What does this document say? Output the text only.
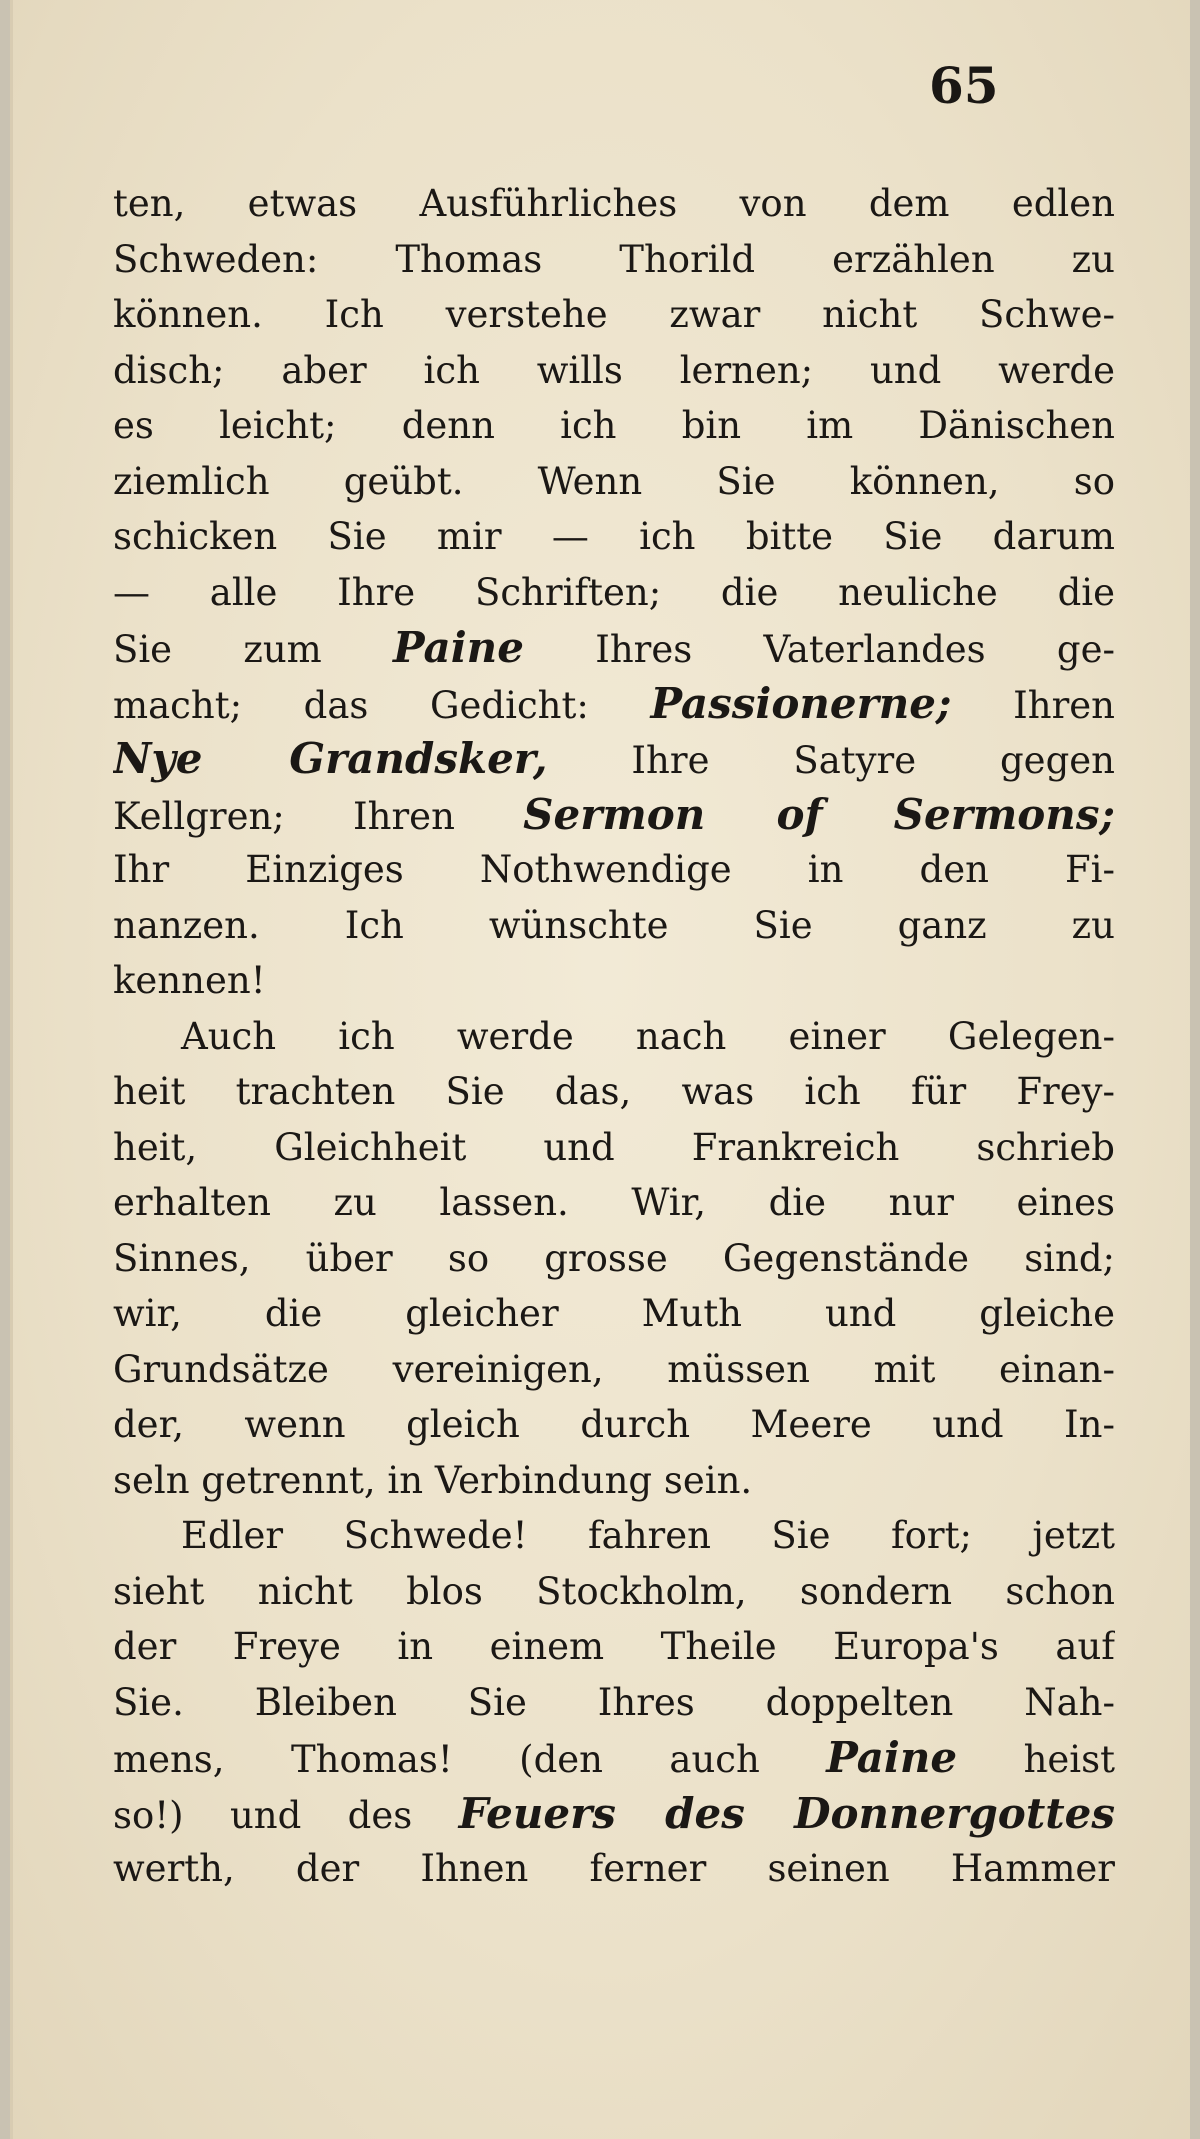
65
ten, etwas Ausführliches von dem edlen
Schweden: Thomas Thorild erzählen zu
können. Ich verstehe zwar nicht Schwe-
disch; aber ich wills lernen; und werde
es leicht; denn ich bin im Dänischen
ziemlich geübt. Wenn Sie können, so
schicken Sie mir — ich bitte Sie darum
— alle Ihre Schriften; die neuliche die
Sie zum Paine Ihres Vaterlandes ge-
macht; das Gedicht: Passionerne; Ihren
Nye Grandsker, Ihre Satyre gegen
Kellgren; Ihren Sermon of Sermons;
Ihr Einziges Nothwendige in den Fi-
nanzen. Ich wünschte Sie ganz zu
kennen!
Auch ich werde nach einer Gelegen-
heit trachten Sie das, was ich für Frey-
heit, Gleichheit und Frankreich schrieb
erhalten zu lassen. Wir, die nur eines
Sinnes, über so grosse Gegenstände sind;
wir, die gleicher Muth und gleiche
Grundsätze vereinigen, müssen mit einan-
der, wenn gleich durch Meere und In-
seln getrennt, in Verbindung sein.
Edler Schwede! fahren Sie fort; jetzt
sieht nicht blos Stockholm, sondern schon
der Freye in einem Theile Europa's auf
Sie. Bleiben Sie Ihres doppelten Nah-
mens, Thomas! (den auch Paine heist
so!) und des Feuers des Donnergottes
werth, der Ihnen ferner seinen Hammer
